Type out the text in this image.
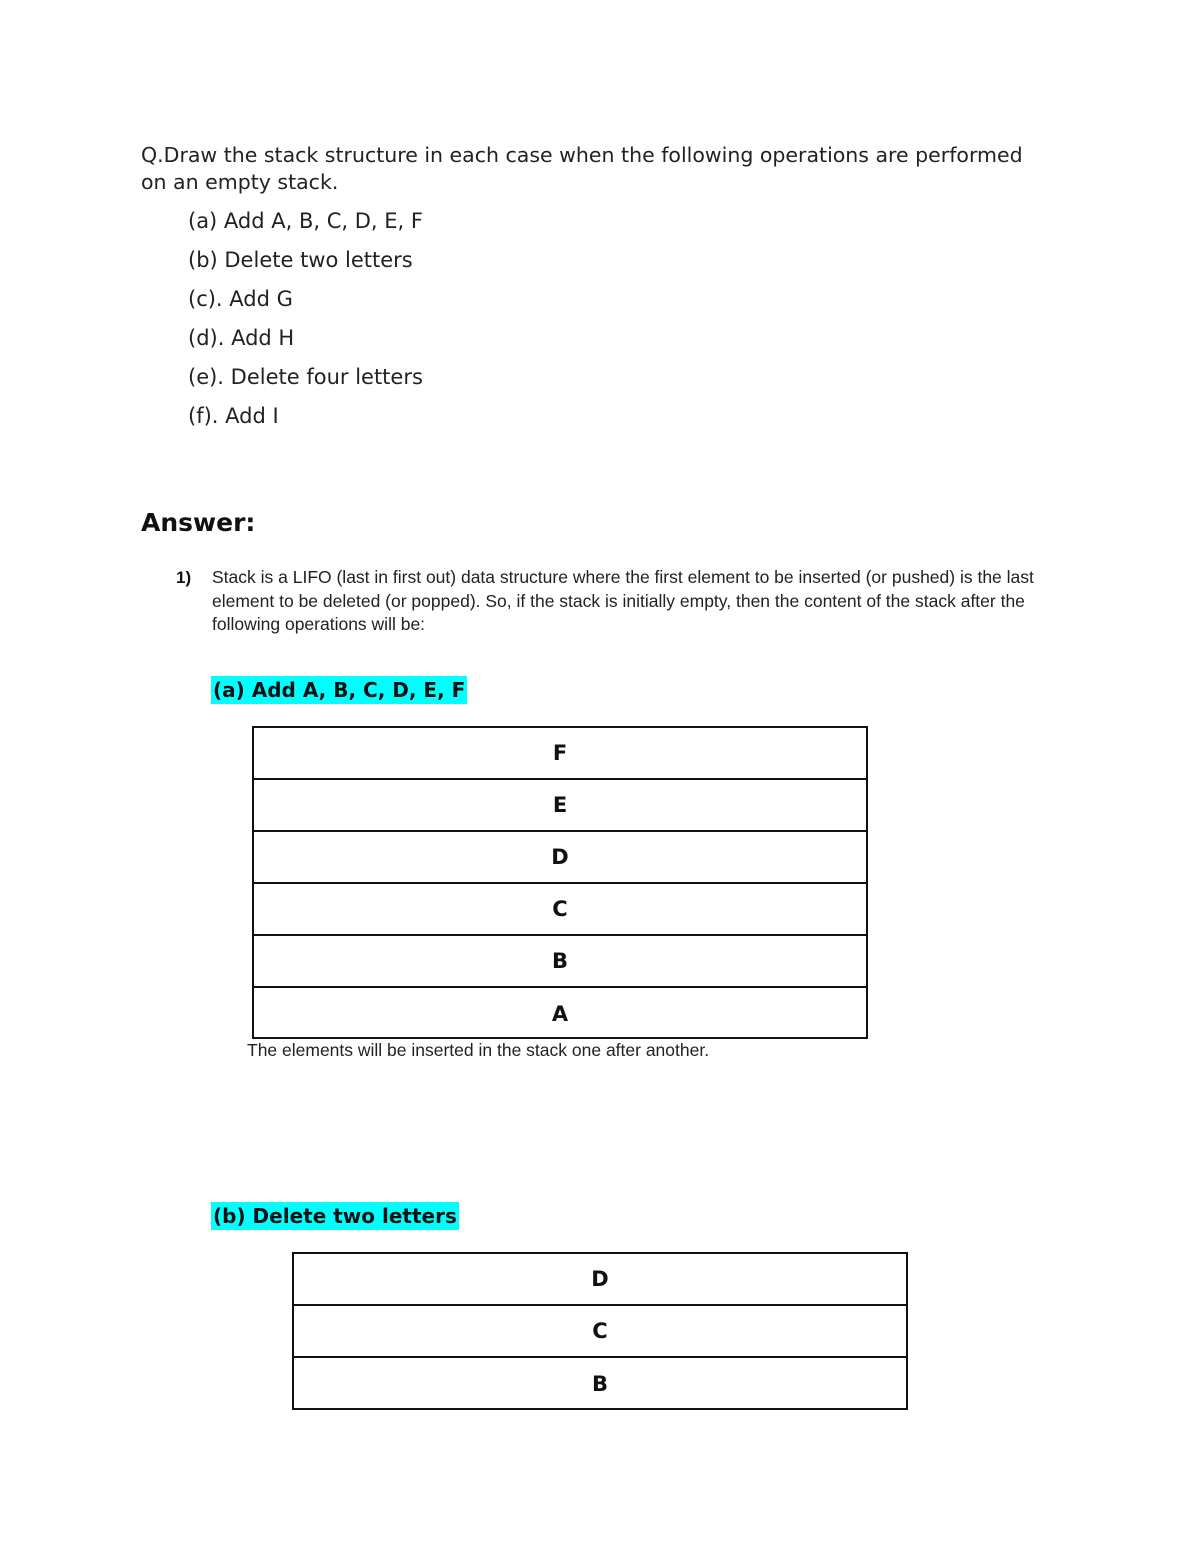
Q.Draw the stack structure in each case when the following operations are performed on an empty stack.
(a) Add A, B, C, D, E, F
(b) Delete two letters
(c). Add G
(d). Add H
(e). Delete four letters
(f). Add I
Answer:
1) Stack is a LIFO (last in first out) data structure where the first element to be inserted (or pushed) is the last element to be deleted (or popped). So, if the stack is initially empty, then the content of the stack after the following operations will be:
(a) Add A, B, C, D, E, F
F
E
D
C
B
A
The elements will be inserted in the stack one after another.
(b) Delete two letters
D
C
B
